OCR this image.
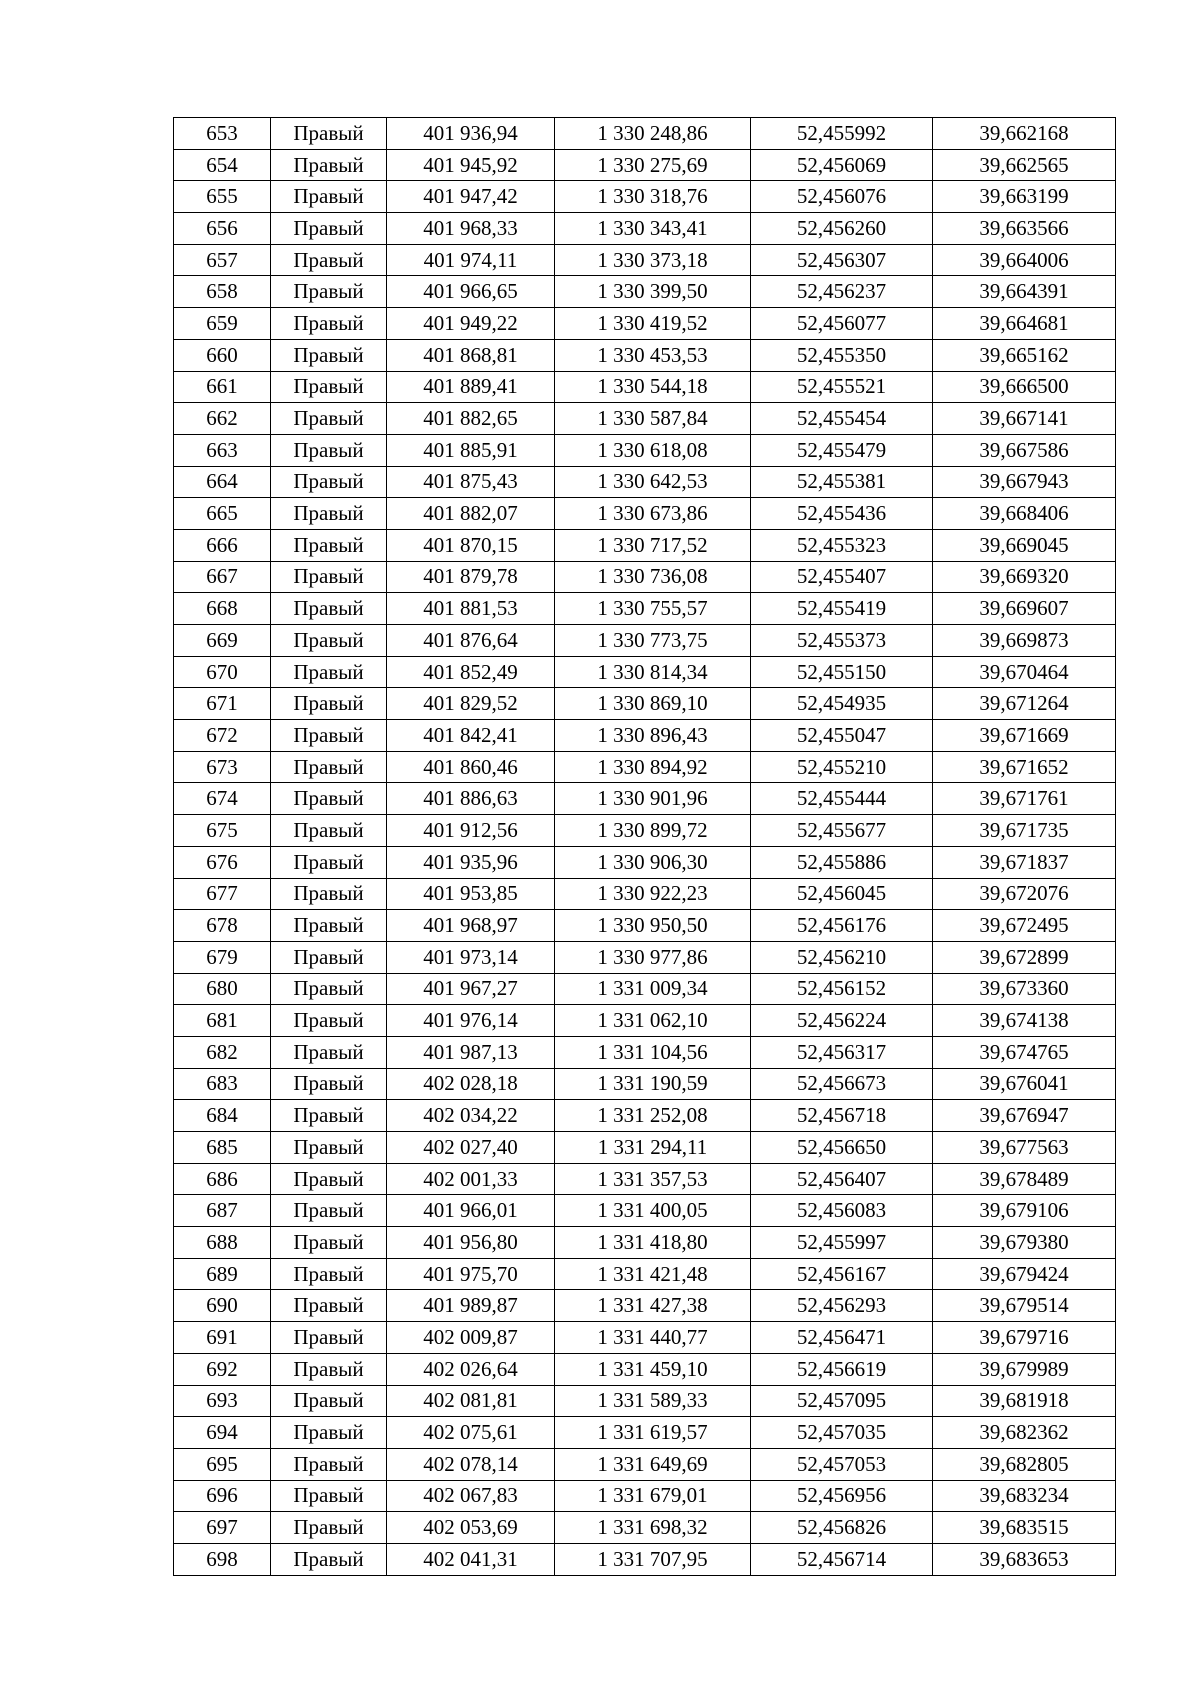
653	Правый	401 936,94	1 330 248,86	52,455992	39,662168
654	Правый	401 945,92	1 330 275,69	52,456069	39,662565
655	Правый	401 947,42	1 330 318,76	52,456076	39,663199
656	Правый	401 968,33	1 330 343,41	52,456260	39,663566
657	Правый	401 974,11	1 330 373,18	52,456307	39,664006
658	Правый	401 966,65	1 330 399,50	52,456237	39,664391
659	Правый	401 949,22	1 330 419,52	52,456077	39,664681
660	Правый	401 868,81	1 330 453,53	52,455350	39,665162
661	Правый	401 889,41	1 330 544,18	52,455521	39,666500
662	Правый	401 882,65	1 330 587,84	52,455454	39,667141
663	Правый	401 885,91	1 330 618,08	52,455479	39,667586
664	Правый	401 875,43	1 330 642,53	52,455381	39,667943
665	Правый	401 882,07	1 330 673,86	52,455436	39,668406
666	Правый	401 870,15	1 330 717,52	52,455323	39,669045
667	Правый	401 879,78	1 330 736,08	52,455407	39,669320
668	Правый	401 881,53	1 330 755,57	52,455419	39,669607
669	Правый	401 876,64	1 330 773,75	52,455373	39,669873
670	Правый	401 852,49	1 330 814,34	52,455150	39,670464
671	Правый	401 829,52	1 330 869,10	52,454935	39,671264
672	Правый	401 842,41	1 330 896,43	52,455047	39,671669
673	Правый	401 860,46	1 330 894,92	52,455210	39,671652
674	Правый	401 886,63	1 330 901,96	52,455444	39,671761
675	Правый	401 912,56	1 330 899,72	52,455677	39,671735
676	Правый	401 935,96	1 330 906,30	52,455886	39,671837
677	Правый	401 953,85	1 330 922,23	52,456045	39,672076
678	Правый	401 968,97	1 330 950,50	52,456176	39,672495
679	Правый	401 973,14	1 330 977,86	52,456210	39,672899
680	Правый	401 967,27	1 331 009,34	52,456152	39,673360
681	Правый	401 976,14	1 331 062,10	52,456224	39,674138
682	Правый	401 987,13	1 331 104,56	52,456317	39,674765
683	Правый	402 028,18	1 331 190,59	52,456673	39,676041
684	Правый	402 034,22	1 331 252,08	52,456718	39,676947
685	Правый	402 027,40	1 331 294,11	52,456650	39,677563
686	Правый	402 001,33	1 331 357,53	52,456407	39,678489
687	Правый	401 966,01	1 331 400,05	52,456083	39,679106
688	Правый	401 956,80	1 331 418,80	52,455997	39,679380
689	Правый	401 975,70	1 331 421,48	52,456167	39,679424
690	Правый	401 989,87	1 331 427,38	52,456293	39,679514
691	Правый	402 009,87	1 331 440,77	52,456471	39,679716
692	Правый	402 026,64	1 331 459,10	52,456619	39,679989
693	Правый	402 081,81	1 331 589,33	52,457095	39,681918
694	Правый	402 075,61	1 331 619,57	52,457035	39,682362
695	Правый	402 078,14	1 331 649,69	52,457053	39,682805
696	Правый	402 067,83	1 331 679,01	52,456956	39,683234
697	Правый	402 053,69	1 331 698,32	52,456826	39,683515
698	Правый	402 041,31	1 331 707,95	52,456714	39,683653
